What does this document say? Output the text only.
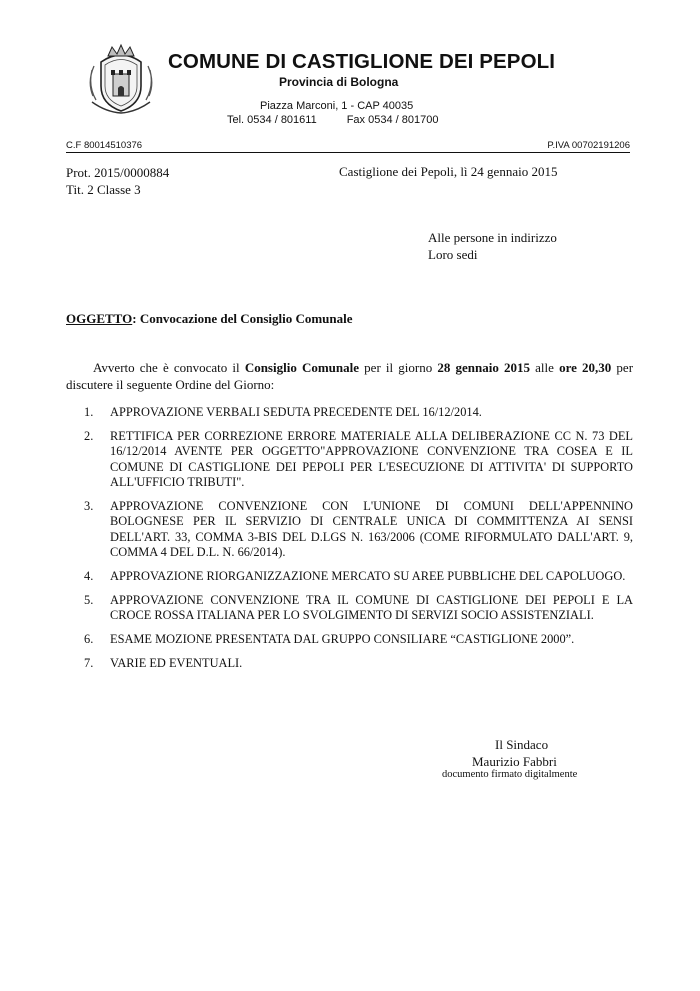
COMUNE DI CASTIGLIONE DEI PEPOLI
Provincia di Bologna
Piazza Marconi, 1 - CAP 40035
Tel. 0534 / 801611	Fax 0534 / 801700
C.F 80014510376	P.IVA 00702191206
Prot. 2015/0000884
Tit. 2 Classe 3
Castiglione dei Pepoli, lì 24 gennaio 2015
Alle persone in indirizzo
Loro sedi
OGGETTO: Convocazione del Consiglio Comunale
Avverto che è convocato il Consiglio Comunale per il giorno 28 gennaio 2015 alle ore 20,30 per discutere il seguente Ordine del Giorno:
1. APPROVAZIONE VERBALI SEDUTA PRECEDENTE DEL 16/12/2014.
2. RETTIFICA PER CORREZIONE ERRORE MATERIALE ALLA DELIBERAZIONE CC N. 73 DEL 16/12/2014 AVENTE PER OGGETTO"APPROVAZIONE CONVENZIONE TRA COSEA E IL COMUNE DI CASTIGLIONE DEI PEPOLI PER L'ESECUZIONE DI ATTIVITA' DI SUPPORTO ALL'UFFICIO TRIBUTI".
3. APPROVAZIONE CONVENZIONE CON L'UNIONE DI COMUNI DELL'APPENNINO BOLOGNESE PER IL SERVIZIO DI CENTRALE UNICA DI COMMITTENZA AI SENSI DELL'ART. 33, COMMA 3-BIS DEL D.LGS N. 163/2006 (COME RIFORMULATO DALL'ART. 9, COMMA 4 DEL D.L. N. 66/2014).
4. APPROVAZIONE RIORGANIZZAZIONE MERCATO SU AREE PUBBLICHE DEL CAPOLUOGO.
5. APPROVAZIONE CONVENZIONE TRA IL COMUNE DI CASTIGLIONE DEI PEPOLI E LA CROCE ROSSA ITALIANA PER LO SVOLGIMENTO DI SERVIZI SOCIO ASSISTENZIALI.
6. ESAME MOZIONE PRESENTATA DAL GRUPPO CONSILIARE “CASTIGLIONE 2000”.
7. VARIE ED EVENTUALI.
Il Sindaco
Maurizio Fabbri
documento firmato digitalmente
